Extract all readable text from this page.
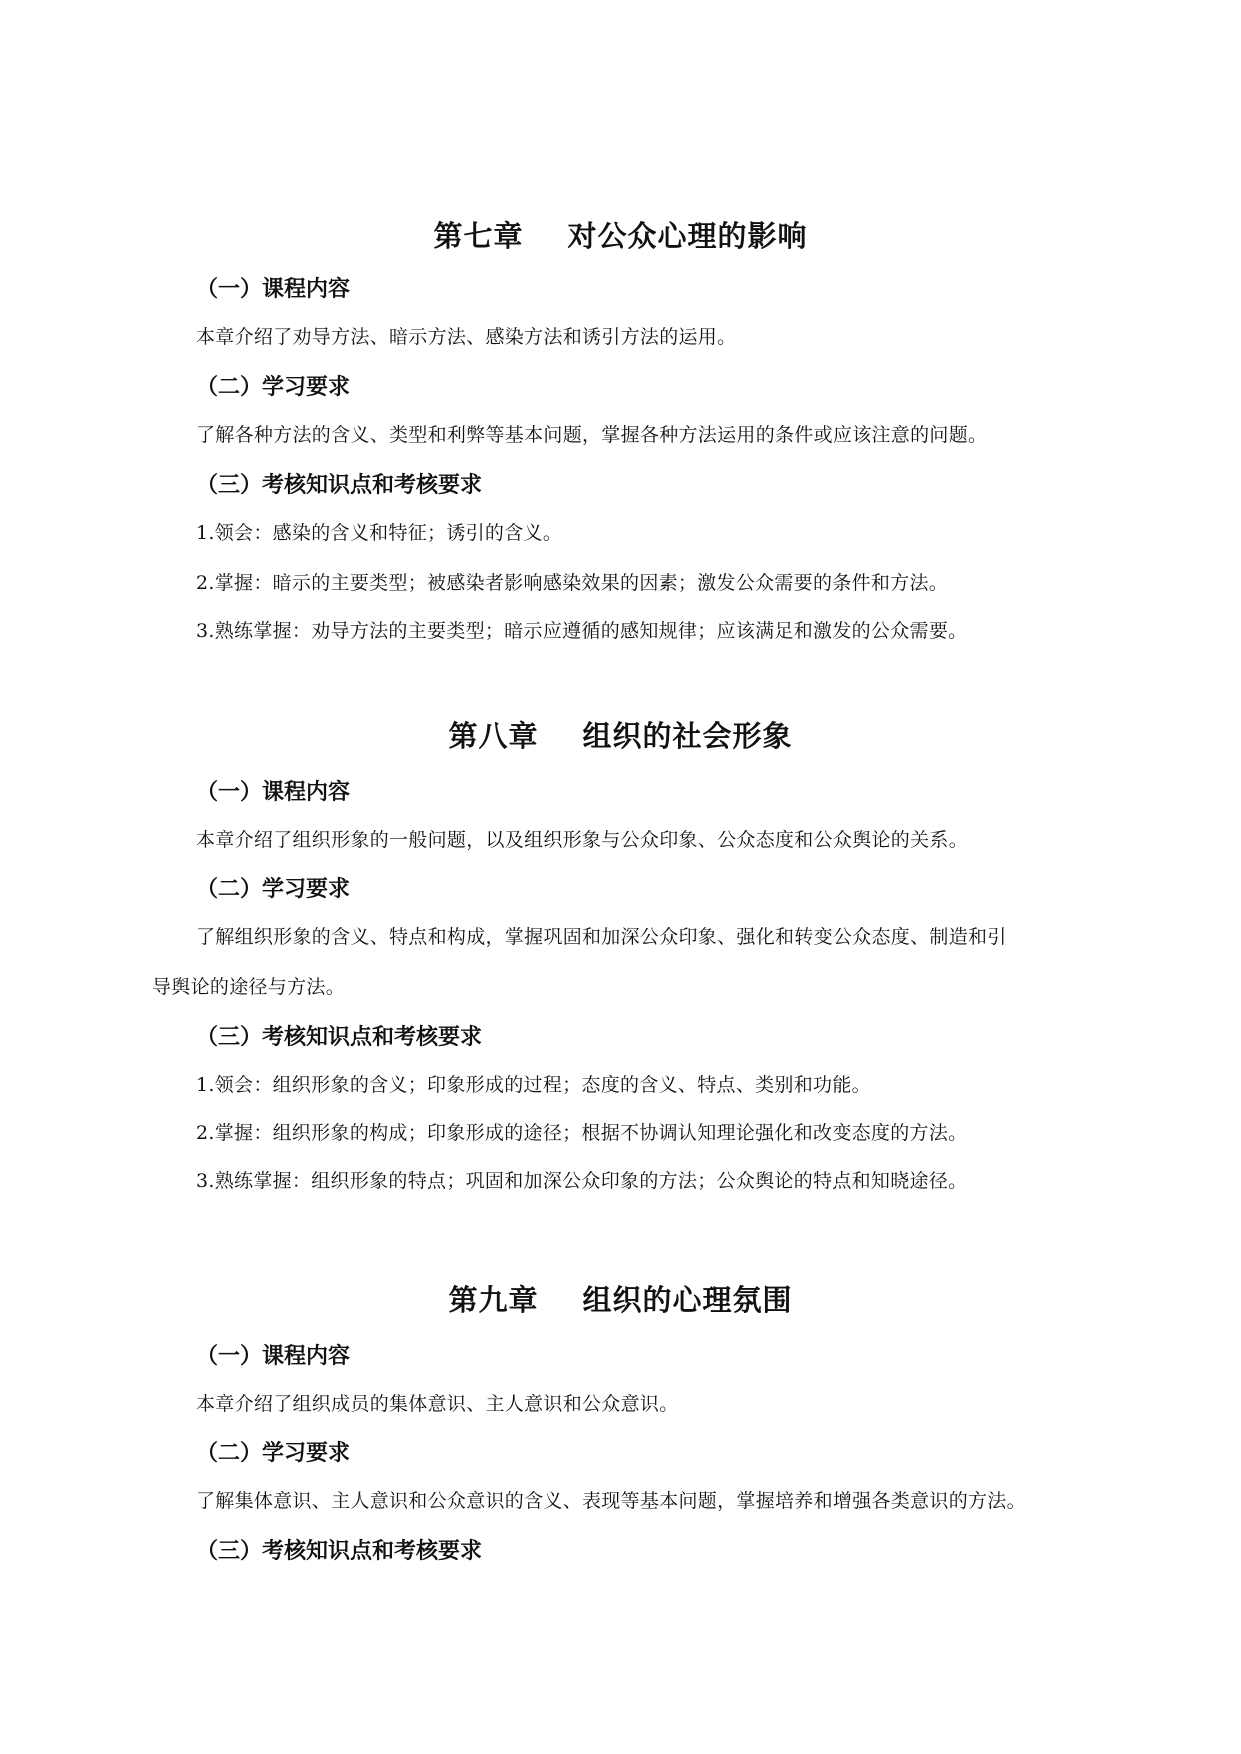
第七章 对公众心理的影响
（一）课程内容
本章介绍了劝导方法、暗示方法、感染方法和诱引方法的运用。
（二）学习要求
了解各种方法的含义、类型和利弊等基本问题，掌握各种方法运用的条件或应该注意的问题。
（三）考核知识点和考核要求
1.领会：感染的含义和特征；诱引的含义。
2.掌握：暗示的主要类型；被感染者影响感染效果的因素；激发公众需要的条件和方法。
3.熟练掌握：劝导方法的主要类型；暗示应遵循的感知规律；应该满足和激发的公众需要。
第八章 组织的社会形象
（一）课程内容
本章介绍了组织形象的一般问题，以及组织形象与公众印象、公众态度和公众舆论的关系。
（二）学习要求
了解组织形象的含义、特点和构成，掌握巩固和加深公众印象、强化和转变公众态度、制造和引
导舆论的途径与方法。
（三）考核知识点和考核要求
1.领会：组织形象的含义；印象形成的过程；态度的含义、特点、类别和功能。
2.掌握：组织形象的构成；印象形成的途径；根据不协调认知理论强化和改变态度的方法。
3.熟练掌握：组织形象的特点；巩固和加深公众印象的方法；公众舆论的特点和知晓途径。
第九章 组织的心理氛围
（一）课程内容
本章介绍了组织成员的集体意识、主人意识和公众意识。
（二）学习要求
了解集体意识、主人意识和公众意识的含义、表现等基本问题，掌握培养和增强各类意识的方法。
（三）考核知识点和考核要求
